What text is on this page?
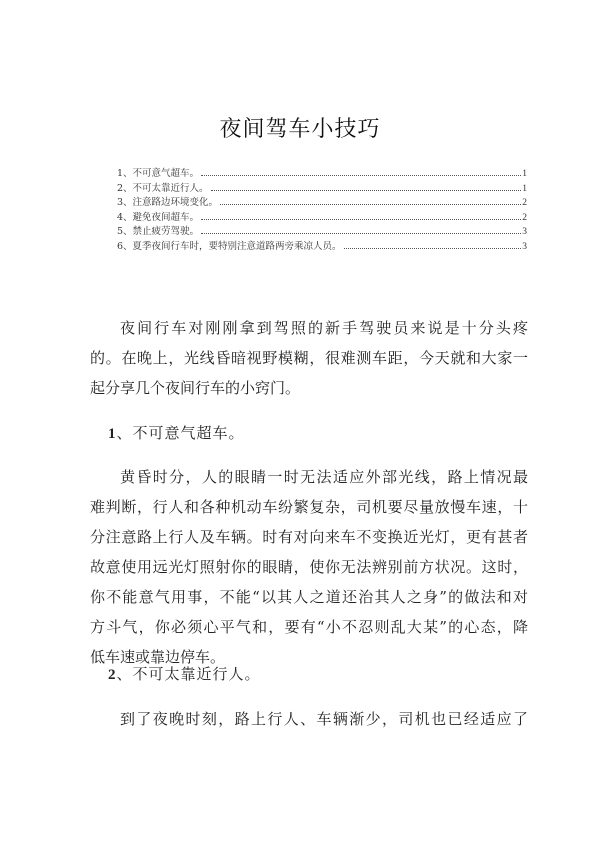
夜间驾车小技巧
1、不可意气超车。	1
2、不可太靠近行人。	1
3、注意路边环境变化。	2
4、避免夜间超车。	2
5、禁止疲劳驾驶。	3
6、夏季夜间行车时，要特别注意道路两旁乘凉人员。	3
夜间行车对刚刚拿到驾照的新手驾驶员来说是十分头疼
的。在晚上，光线昏暗视野模糊，很难测车距，今天就和大家一
起分享几个夜间行车的小窍门。
1、不可意气超车。
黄昏时分，人的眼睛一时无法适应外部光线，路上情况最
难判断，行人和各种机动车纷繁复杂，司机要尽量放慢车速，十
分注意路上行人及车辆。时有对向来车不变换近光灯，更有甚者
故意使用远光灯照射你的眼睛，使你无法辨别前方状况。这时，
你不能意气用事，不能“以其人之道还治其人之身”的做法和对
方斗气，你必须心平气和，要有“小不忍则乱大某”的心态，降
低车速或靠边停车。
2、不可太靠近行人。
到了夜晚时刻，路上行人、车辆渐少，司机也已经适应了
